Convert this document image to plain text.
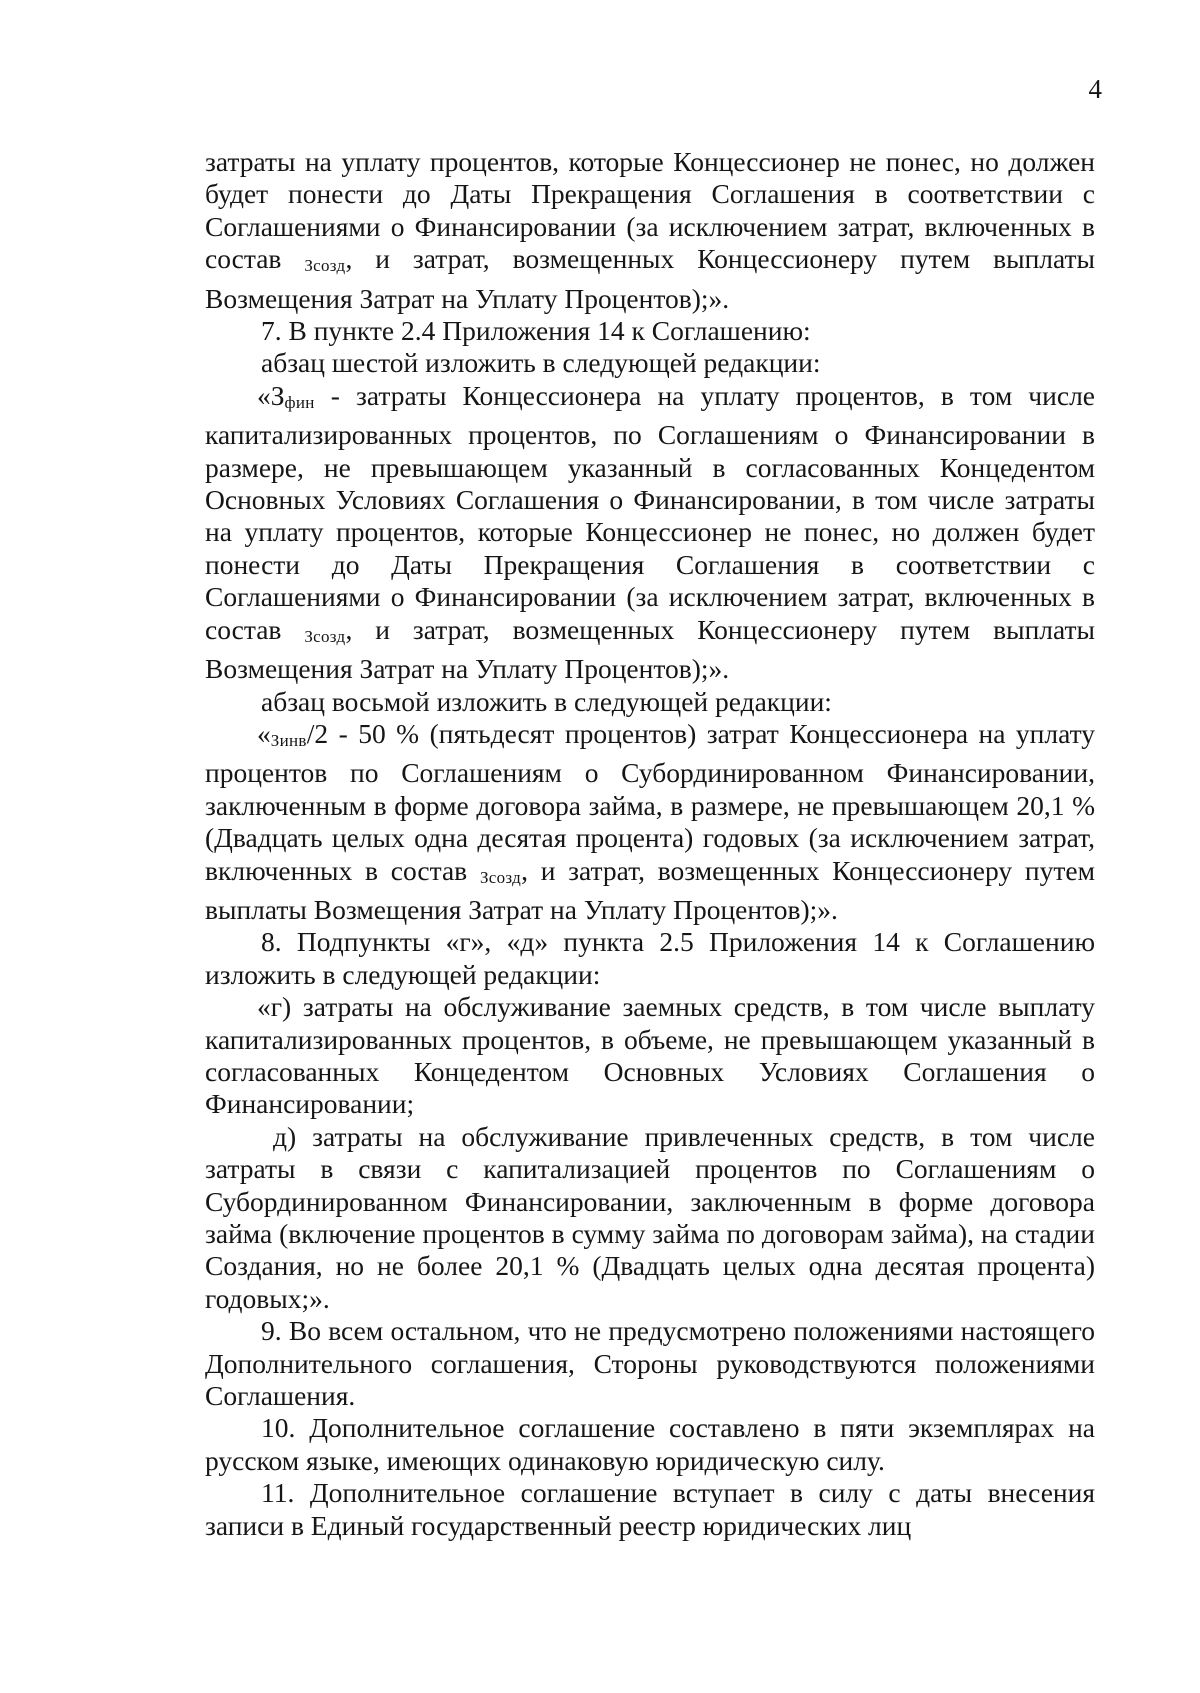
4

затраты на уплату процентов, которые Концессионер не понес, но должен будет понести до Даты Прекращения Соглашения в соответствии с Соглашениями о Финансировании (за исключением затрат, включенных в состав Зсозд, и затрат, возмещенных Концессионеру путем выплаты Возмещения Затрат на Уплату Процентов);».

7. В пункте 2.4 Приложения 14 к Соглашению:

абзац шестой изложить в следующей редакции:

«Зфин - затраты Концессионера на уплату процентов, в том числе капитализированных процентов, по Соглашениям о Финансировании в размере, не превышающем указанный в согласованных Концедентом Основных Условиях Соглашения о Финансировании, в том числе затраты на уплату процентов, которые Концессионер не понес, но должен будет понести до Даты Прекращения Соглашения в соответствии с Соглашениями о Финансировании (за исключением затрат, включенных в состав Зсозд, и затрат, возмещенных Концессионеру путем выплаты Возмещения Затрат на Уплату Процентов);».

абзац восьмой изложить в следующей редакции:

«Зинв/2 - 50 % (пятьдесят процентов) затрат Концессионера на уплату процентов по Соглашениям о Субординированном Финансировании, заключенным в форме договора займа, в размере, не превышающем 20,1 % (Двадцать целых одна десятая процента) годовых (за исключением затрат, включенных в состав Зсозд, и затрат, возмещенных Концессионеру путем выплаты Возмещения Затрат на Уплату Процентов);».

8. Подпункты «г», «д» пункта 2.5 Приложения 14 к Соглашению изложить в следующей редакции:

«г) затраты на обслуживание заемных средств, в том числе выплату капитализированных процентов, в объеме, не превышающем указанный в согласованных Концедентом Основных Условиях Соглашения о Финансировании;

д) затраты на обслуживание привлеченных средств, в том числе затраты в связи с капитализацией процентов по Соглашениям о Субординированном Финансировании, заключенным в форме договора займа (включение процентов в сумму займа по договорам займа), на стадии Создания, но не более 20,1 % (Двадцать целых одна десятая процента) годовых;».

9. Во всем остальном, что не предусмотрено положениями настоящего Дополнительного соглашения, Стороны руководствуются положениями Соглашения.

10. Дополнительное соглашение составлено в пяти экземплярах на русском языке, имеющих одинаковую юридическую силу.

11. Дополнительное соглашение вступает в силу с даты внесения записи в Единый государственный реестр юридических лиц
